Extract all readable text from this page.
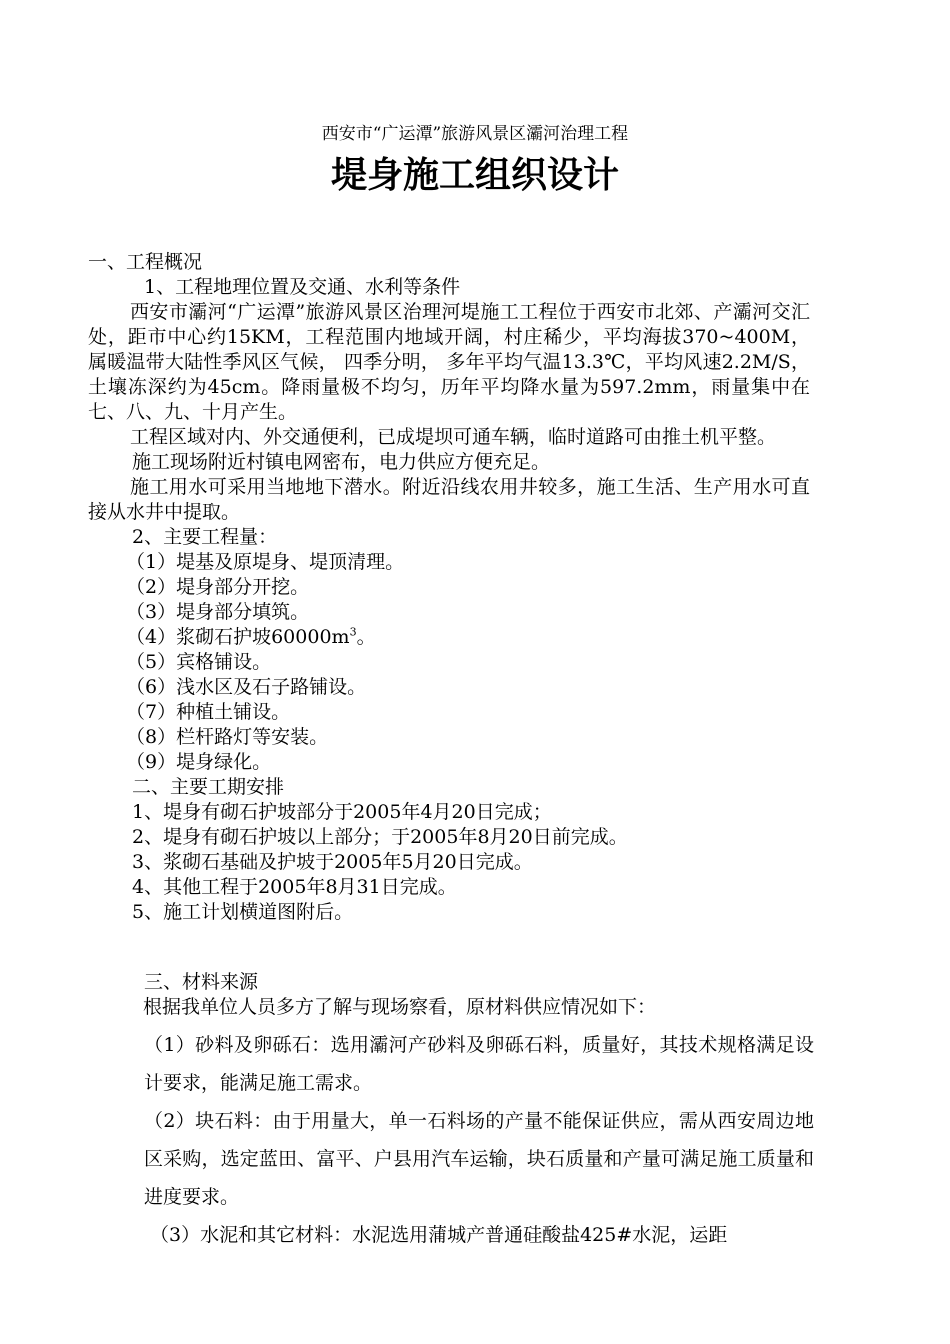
西安市“广运潭”旅游风景区灞河治理工程
堤身施工组织设计
一、工程概况
1、工程地理位置及交通、水利等条件
西安市灞河“广运潭”旅游风景区治理河堤施工工程位于西安市北郊、产灞河交汇处，距市中心约15KM，工程范围内地域开阔，村庄稀少，平均海拔370~400M， 属暖温带大陆性季风区气候， 四季分明， 多年平均气温13.3℃，平均风速2.2M/S，土壤冻深约为45cm。降雨量极不均匀，历年平均降水量为597.2mm，雨量集中在七、八、九、十月产生。
工程区域对内、外交通便利，已成堤坝可通车辆，临时道路可由推土机平整。
施工现场附近村镇电网密布，电力供应方便充足。
施工用水可采用当地地下潜水。附近沿线农用井较多，施工生活、生产用水可直接从水井中提取。
2、主要工程量：
（1）堤基及原堤身、堤顶清理。
（2）堤身部分开挖。
（3）堤身部分填筑。
（4）浆砌石护坡$60000m^3$。
（5）宾格铺设。
（6）浅水区及石子路铺设。
（7）种植土铺设。
（8）栏杆路灯等安装。
（9）堤身绿化。
二、主要工期安排
1、堤身有砌石护坡部分于2005年4月20日完成；
2、堤身有砌石护坡以上部分；于2005年8月20日前完成。
3、浆砌石基础及护坡于2005年5月20日完成。
4、其他工程于2005年8月31日完成。
5、施工计划横道图附后。
三、材料来源
根据我单位人员多方了解与现场察看，原材料供应情况如下：
（1）砂料及卵砾石：选用灞河产砂料及卵砾石料，质量好，其技术规格满足设计要求，能满足施工需求。
（2）块石料：由于用量大，单一石料场的产量不能保证供应，需从西安周边地区采购，选定蓝田、富平、户县用汽车运输，块石质量和产量可满足施工质量和进度要求。
（3）水泥和其它材料：水泥选用蒲城产普通硅酸盐425#水泥，运距
